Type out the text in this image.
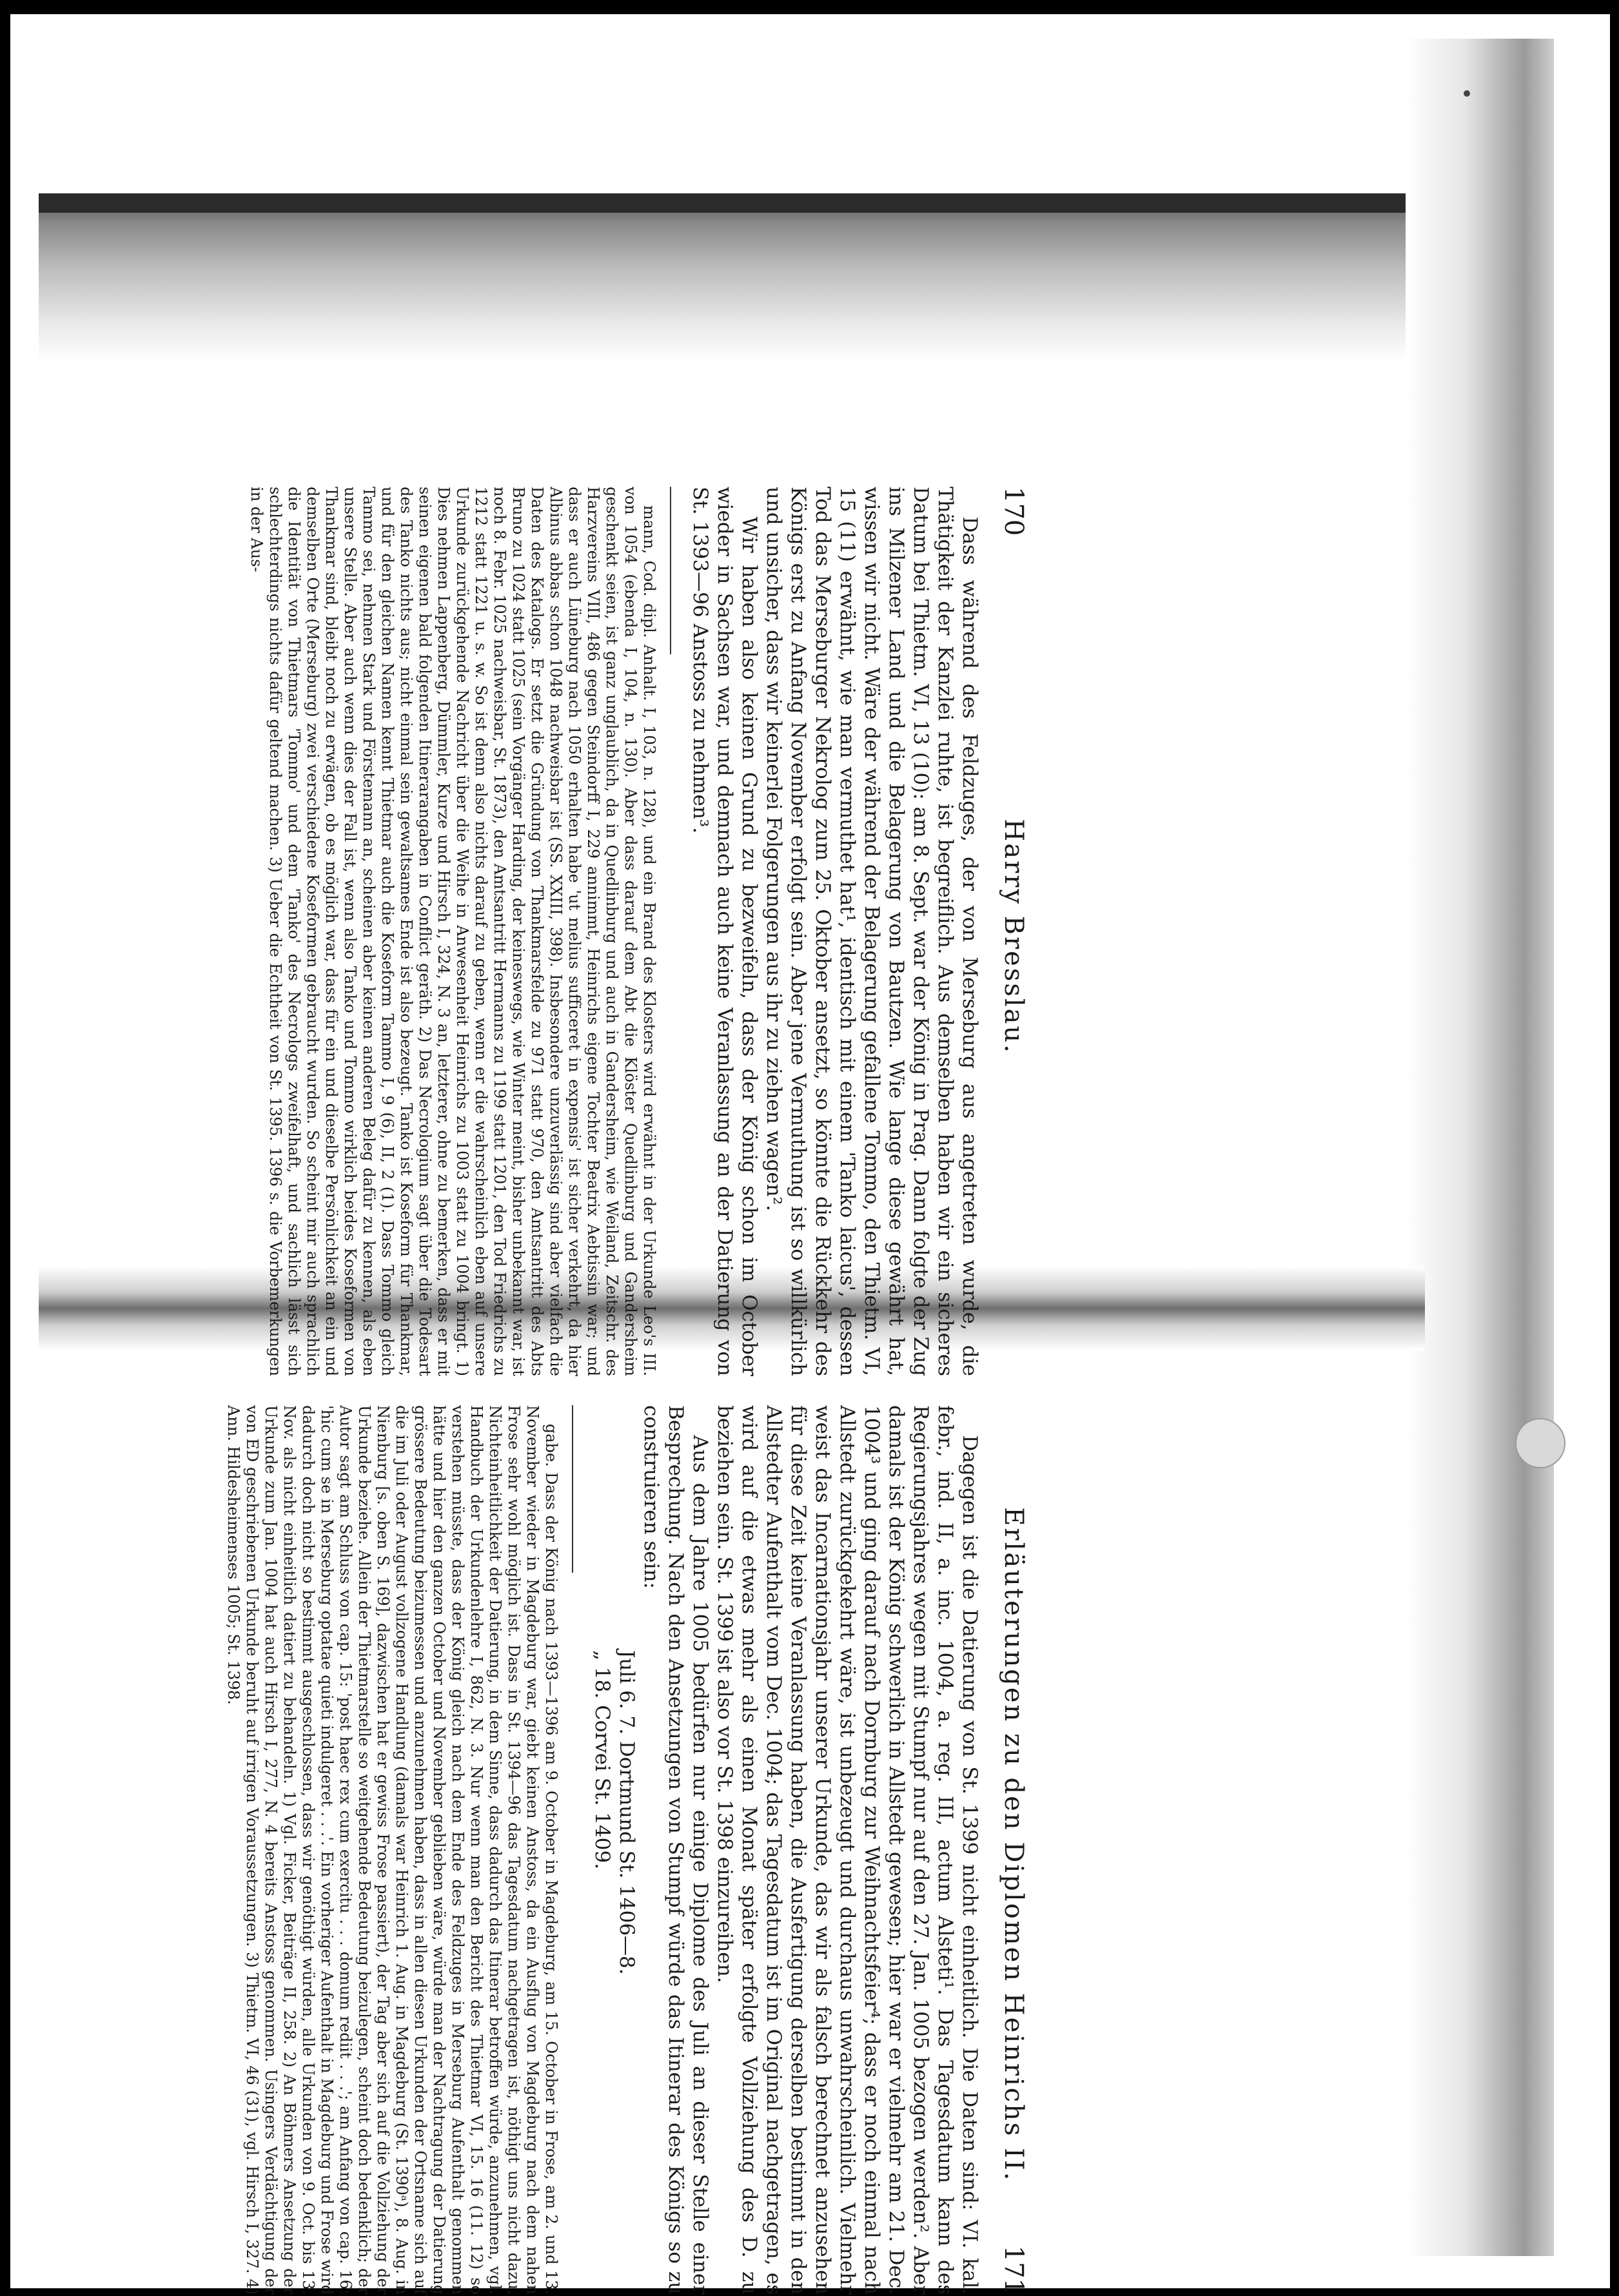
170
Harry Bresslau.

Dass während des Feldzuges, der von Merseburg aus angetreten wurde, die Thätigkeit der Kanzlei ruhte, ist begreiflich. Aus demselben haben wir ein sicheres Datum bei Thietm. VI, 13 (10): am 8. Sept. war der König in Prag. Dann folgte der Zug ins Milzener Land und die Belagerung von Bautzen. Wie lange diese gewährt hat, wissen wir nicht. Wäre der während der Belagerung gefallene Tommo, den Thietm. VI, 15 (11) erwähnt, wie man vermuthet hat¹, identisch mit einem 'Tanko laicus', dessen Tod das Merseburger Nekrolog zum 25. Oktober ansetzt, so könnte die Rückkehr des Königs erst zu Anfang November erfolgt sein. Aber jene Vermuthung ist so willkürlich und unsicher, dass wir keinerlei Folgerungen aus ihr zu ziehen wagen².

Wir haben also keinen Grund zu bezweifeln, dass der König schon im October wieder in Sachsen war, und demnach auch keine Veranlassung an der Datierung von St. 1393—96 Anstoss zu nehmen³.

mann, Cod. dipl. Anhalt. I, 103, n. 128), und ein Brand des Klosters wird erwähnt in der Urkunde Leo's III. von 1054 (ebenda I, 104, n. 130). Aber dass darauf dem Abt die Klöster Quedlinburg und Gandersheim geschenkt seien, ist ganz unglaublich, da in Quedlinburg und auch in Gandersheim, wie Weiland, Zeitschr. des Harzvereins VIII, 486 gegen Steindorff I, 229 annimmt, Heinrichs eigene Tochter Beatrix Aebtissin war; und dass er auch Lüneburg nach 1050 erhalten habe 'ut melius sufficeret in expensis' ist sicher verkehrt, da hier Albinus abbas schon 1048 nachweisbar ist (SS. XXIII, 398). Insbesondere unzuverlässig sind aber vielfach die Daten des Katalogs. Er setzt die Gründung von Thankmarsfelde zu 971 statt 970, den Amtsantritt des Abts Bruno zu 1024 statt 1025 (sein Vorgänger Harding, der keineswegs, wie Winter meint, bisher unbekannt war, ist noch 8. Febr. 1025 nachweisbar, St. 1873), den Amtsantritt Hermanns zu 1199 statt 1201, den Tod Friedrichs zu 1212 statt 1221 u. s. w. So ist denn also nichts darauf zu geben, wenn er die wahrscheinlich eben auf unsere Urkunde zurückgehende Nachricht über die Weihe in Anwesenheit Heinrichs zu 1003 statt zu 1004 bringt. 1) Dies nehmen Lappenberg, Dümmler, Kurze und Hirsch I, 324, N. 3 an, letzterer, ohne zu bemerken, dass er mit seinen eigenen bald folgenden Itinerarangaben in Conflict geräth. 2) Das Necrologium sagt über die Todesart des Tanko nichts aus; nicht einmal sein gewaltsames Ende ist also bezeugt. Tanko ist Koseform für Thankmar, und für den gleichen Namen kennt Thietmar auch die Koseform Tammo I, 9 (6), II, 2 (1). Dass Tommo gleich Tammo sei, nehmen Stark und Förstemann an, scheinen aber keinen anderen Beleg dafür zu kennen, als eben unsere Stelle. Aber auch wenn dies der Fall ist, wenn also Tanko und Tommo wirklich beides Koseformen von Thankmar sind, bleibt noch zu erwägen, ob es möglich war, dass für ein und dieselbe Persönlichkeit an ein und demselben Orte (Merseburg) zwei verschiedene Koseformen gebraucht wurden. So scheint mir auch sprachlich die Identität von Thietmars 'Tommo' und dem 'Tanko' des Necrologs zweifelhaft, und sachlich lässt sich schlechterdings nichts dafür geltend machen. 3) Ueber die Echtheit von St. 1395. 1396 s. die Vorbemerkungen in der Aus-

Erläuterungen zu den Diplomen Heinrichs II.
171

Dagegen ist die Datierung von St. 1399 nicht einheitlich. Die Daten sind: VI. kal. febr., ind. II, a. inc. 1004, a. reg. III, actum Alsteti¹. Das Tagesdatum kann des Regierungsjahres wegen mit Stumpf nur auf den 27. Jan. 1005 bezogen werden². Aber damals ist der König schwerlich in Allstedt gewesen; hier war er vielmehr am 21. Dec. 1004³ und ging darauf nach Dornburg zur Weihnachtsfeier⁴; dass er noch einmal nach Allstedt zurückgekehrt wäre, ist unbezeugt und durchaus unwahrscheinlich. Vielmehr weist das Incarnationsjahr unserer Urkunde, das wir als falsch berechnet anzusehen für diese Zeit keine Veranlassung haben, die Ausfertigung derselben bestimmt in den Allstedter Aufenthalt vom Dec. 1004; das Tagesdatum ist im Original nachgetragen, es wird auf die etwas mehr als einen Monat später erfolgte Vollziehung des D. zu beziehen sein. St. 1399 ist also vor St. 1398 einzureihen.

Aus dem Jahre 1005 bedürfen nur einige Diplome des Juli an dieser Stelle einer Besprechung. Nach den Ansetzungen von Stumpf würde das Itinerar des Königs so zu construieren sein:

Juli 6. 7. Dortmund St. 1406—8.
„ 18. Corvei St. 1409.

gabe. Dass der König nach 1393—1396 am 9. October in Magdeburg, am 15. October in Frose, am 2. und 13. November wieder in Magdeburg war, giebt keinen Anstoss, da ein Ausflug von Magdeburg nach dem nahen Frose sehr wohl möglich ist. Dass in St. 1394—96 das Tagesdatum nachgetragen ist, nöthigt uns nicht dazu, Nichteinheitlichkeit der Datierung, in dem Sinne, dass dadurch das Itinerar betroffen würde, anzunehmen, vgl. Handbuch der Urkundenlehre I, 862, N. 3. Nur wenn man den Bericht des Thietmar VI, 15. 16 (11. 12) so verstehen müsste, dass der König gleich nach dem Ende des Feldzuges in Merseburg Aufenthalt genommen hätte und hier den ganzen October und November geblieben wäre, würde man der Nachtragung der Datierung grössere Bedeutung beizumessen und anzunehmen haben, dass in allen diesen Urkunden der Ortsname sich auf die im Juli oder August vollzogene Handlung (damals war Heinrich 1. Aug. in Magdeburg (St. 1390ᵃ), 8. Aug. in Nienburg [s. oben S. 169], dazwischen hat er gewiss Frose passiert), der Tag aber sich auf die Vollziehung der Urkunde beziehe. Allein der Thietmarstelle so weitgehende Bedeutung beizulegen, scheint doch bedenklich; der Autor sagt am Schluss von cap. 15: 'post haec rex cum exercitu . . . domum rediit . . .'; am Anfang von cap. 16: 'hic cum se in Merseburg optatae quieti indulgeret . . .'. Ein vorheriger Aufenthalt in Magdeburg und Frose wird dadurch doch nicht so bestimmt ausgeschlossen, dass wir genöthigt würden, alle Urkunden von 9. Oct. bis 13. Nov. als nicht einheitlich datiert zu behandeln. 1) Vgl. Ficker, Beiträge II, 258. 2) An Böhmers Ansetzung der Urkunde zum Jan. 1004 hat auch Hirsch I, 277, N. 4 bereits Anstoss genommen. Usingers Verdächtigung der von ED geschriebenen Urkunde beruht auf irrigen Voraussetzungen. 3) Thietm. VI, 46 (31), vgl. Hirsch I, 327. 4) Ann. Hildesheimenses 1005; St. 1398.
